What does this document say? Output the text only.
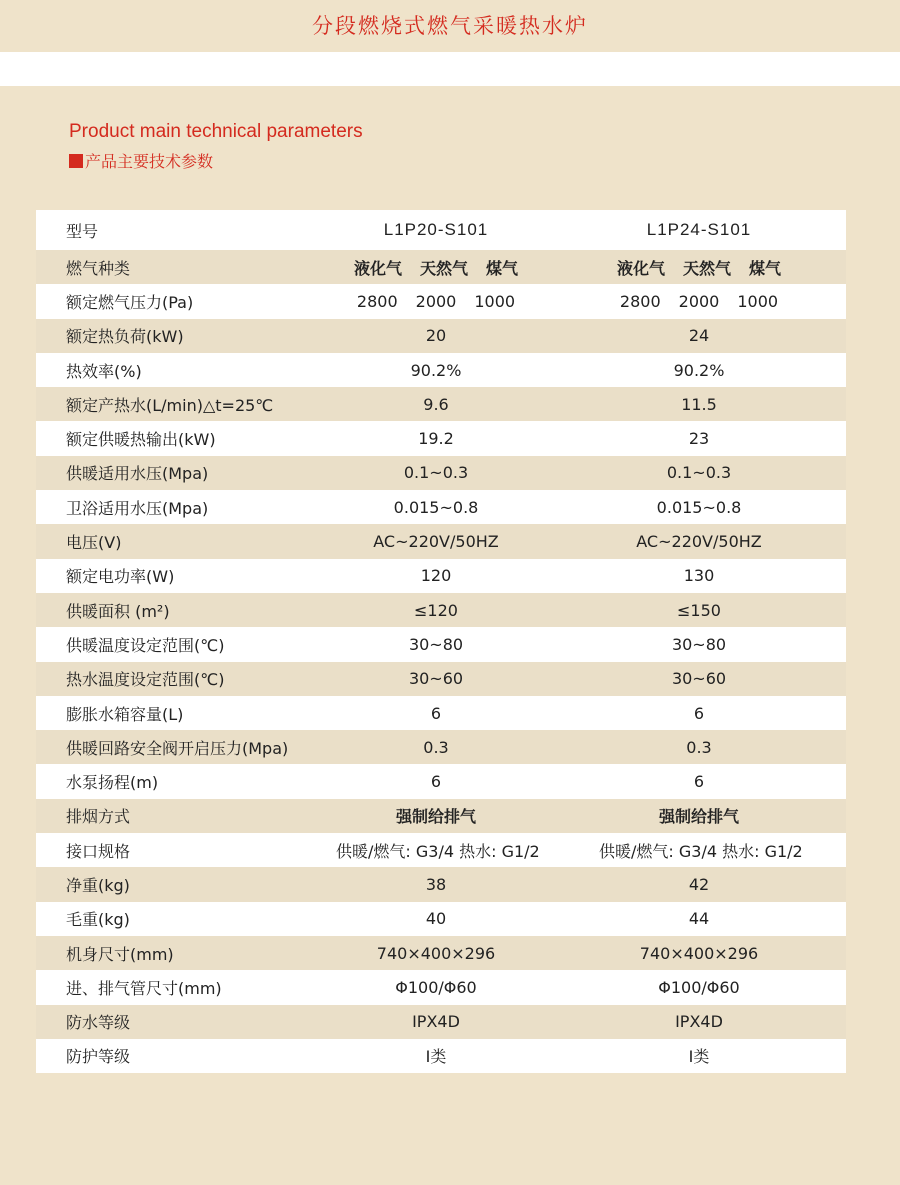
分段燃烧式燃气采暖热水炉
Product main technical parameters
产品主要技术参数
型号	L1P20-S101	L1P24-S101
燃气种类	液化气 天然气 煤气	液化气 天然气 煤气
额定燃气压力(Pa)	2800 2000 1000	2800 2000 1000
额定热负荷(kW)	20	24
热效率(%)	90.2%	90.2%
额定产热水(L/min)△t=25℃	9.6	11.5
额定供暖热输出(kW)	19.2	23
供暖适用水压(Mpa)	0.1~0.3	0.1~0.3
卫浴适用水压(Mpa)	0.015~0.8	0.015~0.8
电压(V)	AC~220V/50HZ	AC~220V/50HZ
额定电功率(W)	120	130
供暖面积 (m²)	≤120	≤150
供暖温度设定范围(℃)	30~80	30~80
热水温度设定范围(℃)	30~60	30~60
膨胀水箱容量(L)	6	6
供暖回路安全阀开启压力(Mpa)	0.3	0.3
水泵扬程(m)	6	6
排烟方式	强制给排气	强制给排气
接口规格	供暖/燃气: G3/4 热水: G1/2	供暖/燃气: G3/4 热水: G1/2
净重(kg)	38	42
毛重(kg)	40	44
机身尺寸(mm)	740×400×296	740×400×296
进、排气管尺寸(mm)	Φ100/Φ60	Φ100/Φ60
防水等级	IPX4D	IPX4D
防护等级	I类	I类
